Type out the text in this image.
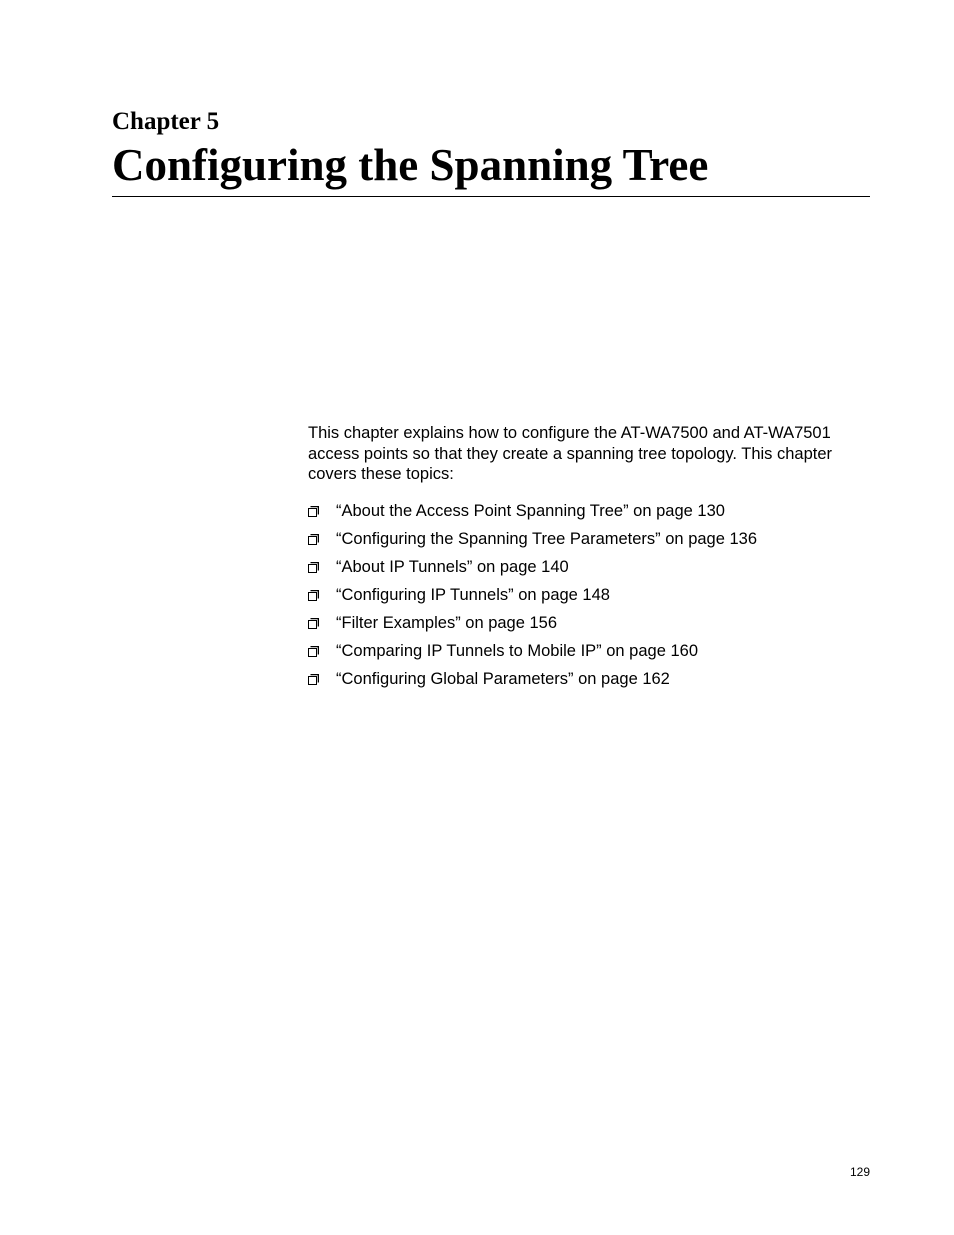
Chapter 5
Configuring the Spanning Tree

This chapter explains how to configure the AT-WA7500 and AT-WA7501 access points so that they create a spanning tree topology. This chapter covers these topics:

“About the Access Point Spanning Tree” on page 130
“Configuring the Spanning Tree Parameters” on page 136
“About IP Tunnels” on page 140
“Configuring IP Tunnels” on page 148
“Filter Examples” on page 156
“Comparing IP Tunnels to Mobile IP” on page 160
“Configuring Global Parameters” on page 162

129
